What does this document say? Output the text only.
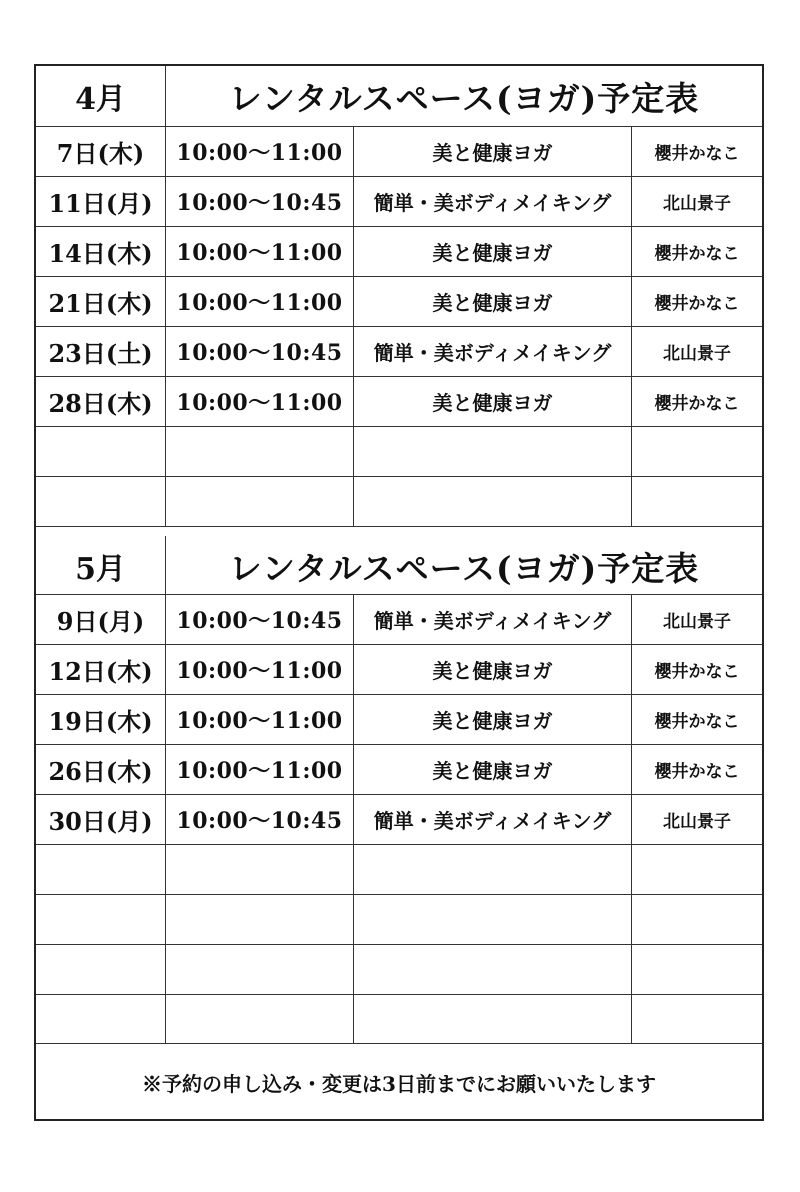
4月	レンタルスペース(ヨガ)予定表
7日(木)	10:00～11:00	美と健康ヨガ	櫻井かなこ
11日(月)	10:00～10:45	簡単・美ボディメイキング	北山景子
14日(木)	10:00～11:00	美と健康ヨガ	櫻井かなこ
21日(木)	10:00～11:00	美と健康ヨガ	櫻井かなこ
23日(土)	10:00～10:45	簡単・美ボディメイキング	北山景子
28日(木)	10:00～11:00	美と健康ヨガ	櫻井かなこ
5月	レンタルスペース(ヨガ)予定表
9日(月)	10:00～10:45	簡単・美ボディメイキング	北山景子
12日(木)	10:00～11:00	美と健康ヨガ	櫻井かなこ
19日(木)	10:00～11:00	美と健康ヨガ	櫻井かなこ
26日(木)	10:00～11:00	美と健康ヨガ	櫻井かなこ
30日(月)	10:00～10:45	簡単・美ボディメイキング	北山景子
※予約の申し込み・変更は3日前までにお願いいたします
